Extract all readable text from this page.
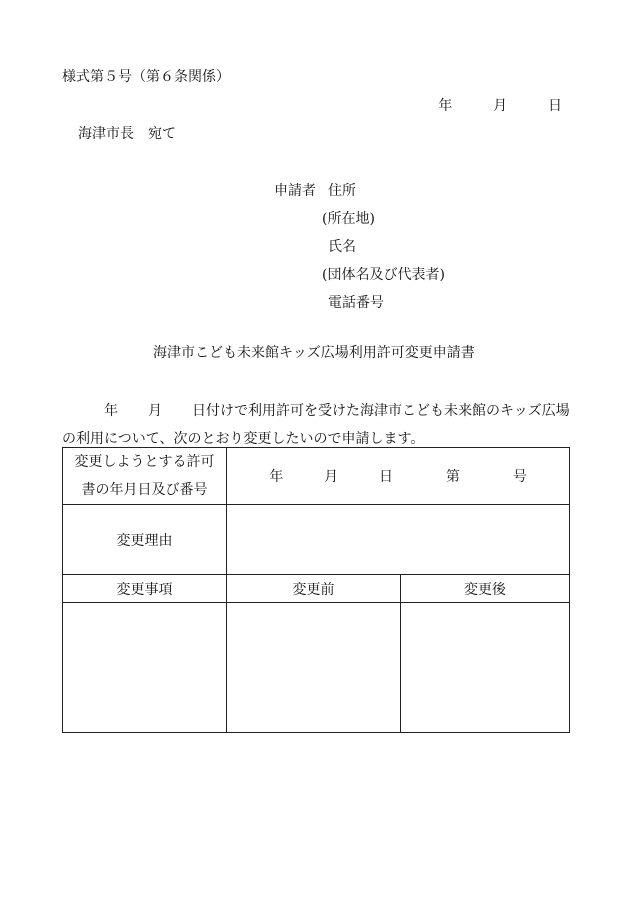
様式第５号（第６条関係）
年	月	日
海津市長　宛て
申請者 住所
(所在地)
氏名
(団体名及び代表者)
電話番号
海津市こども未来館キッズ広場利用許可変更申請書
年 月 日付けで利用許可を受けた海津市こども未来館のキッズ広場
の利用について、次のとおり変更したいので申請します。
変更しようとする許可
書の年月日及び番号	年 月 日 第 号	
変更理由		
変更事項	変更前	変更後
